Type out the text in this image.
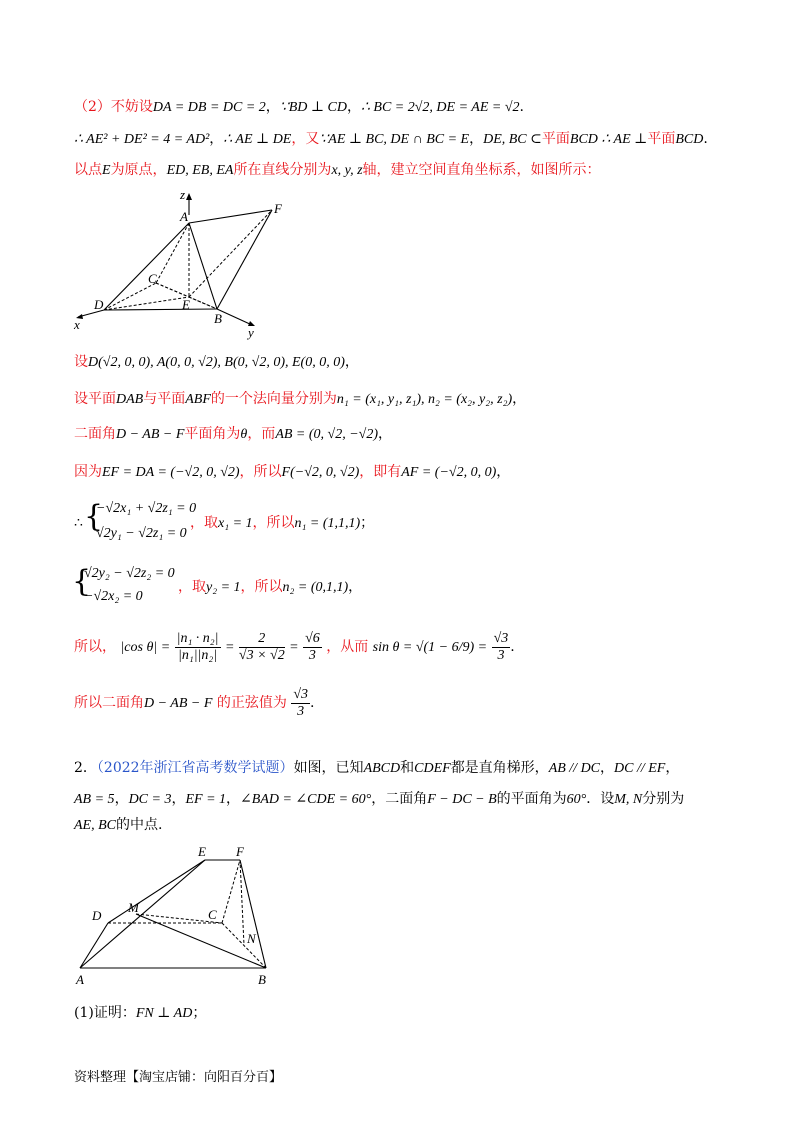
（2）不妨设DA = DB = DC = 2，∵BD ⊥ CD，∴ BC = 2√2, DE = AE = √2.
∴ AE² + DE² = 4 = AD²，∴ AE ⊥ DE，又∵AE ⊥ BC, DE ∩ BC = E，DE, BC ⊂平面BCD ∴ AE ⊥平面BCD.
以点E为原点，ED, EB, EA所在直线分别为x, y, z轴，建立空间直角坐标系，如图所示：
z
A
F
C
D	E
B
x
y
设D(√2, 0, 0), A(0, 0, √2), B(0, √2, 0), E(0, 0, 0)，
设平面DAB与平面ABF的一个法向量分别为n₁ = (x₁, y₁, z₁), n₂ = (x₂, y₂, z₂)，
二面角D − AB − F平面角为θ，而AB = (0, √2, −√2)，
因为EF = DA = (−√2, 0, √2)，所以F(−√2, 0, √2)，即有AF = (−√2, 0, 0)，
∴ {
−√2x₁ + √2z₁ = 0
√2y₁ − √2z₁ = 0
，取x₁ = 1，所以n₁ = (1,1,1)；
{
√2y₂ − √2z₂ = 0
−√2x₂ = 0
，取y₂ = 1，所以n₂ = (0,1,1)，
所以， |cos $\theta| = \frac{\text{|n₁ · n₂|}}{\text{|n₁||n₂|}} = \frac{2}{√3 \times √2} = \frac{√6}{3}$ ，从而 $\sin \theta = √(1 - 6/9) = \frac{√3}{3}$ .
所以二面角D − AB − F 的正弦值为 $\frac{√3}{3}$ .
2．（2022年浙江省高考数学试题）如图，已知ABCD和CDEF都是直角梯形，AB // DC，DC // EF，
AB = 5，DC = 3，EF = 1，∠BAD = ∠CDE = 60°，二面角F − DC − B的平面角为60°．设M, N分别为
AE, BC的中点.
E F
D
M	C
N
A	B
(1)证明：FN ⊥ AD；
资料整理【淘宝店铺：向阳百分百】
